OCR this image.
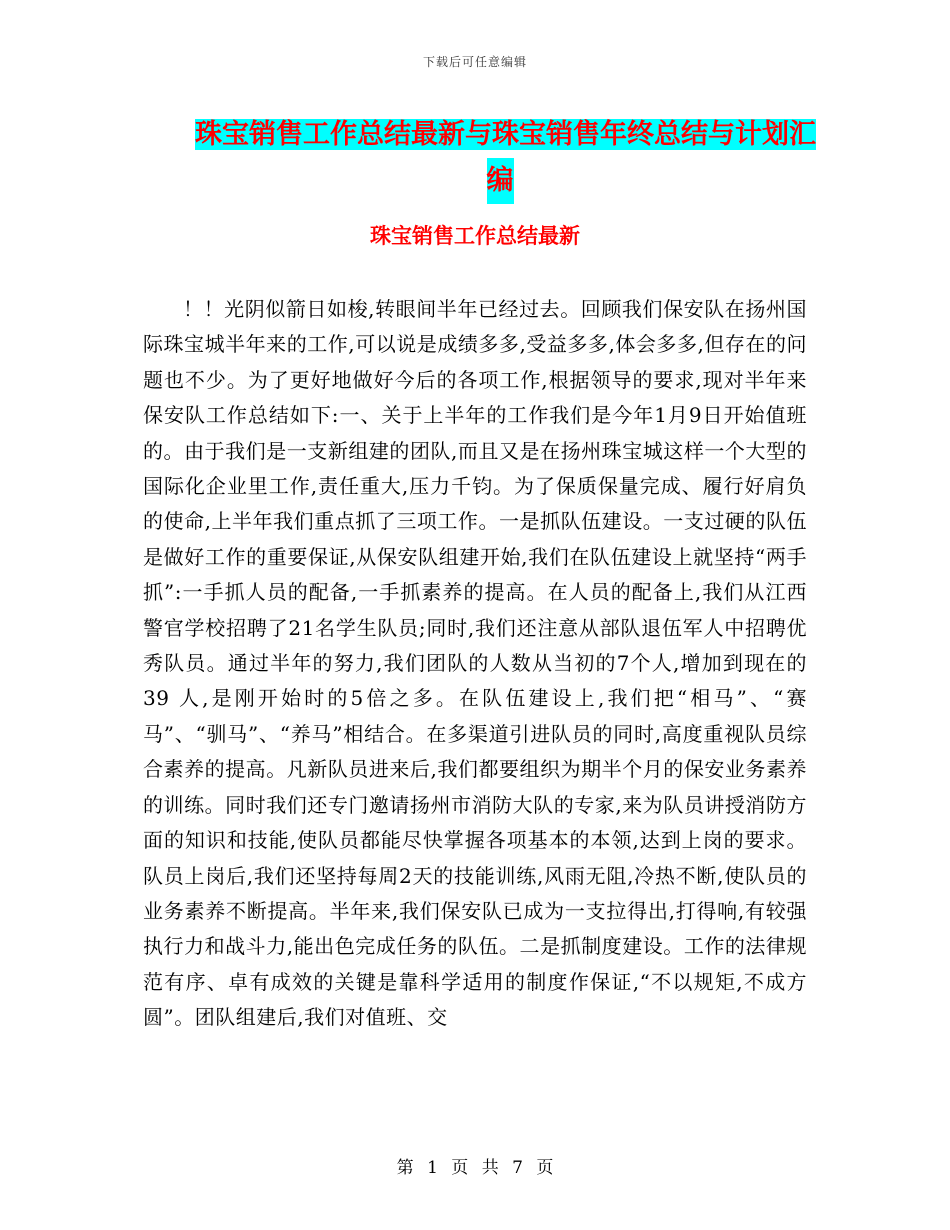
下载后可任意编辑
珠宝销售工作总结最新与珠宝销售年终总结与计划汇
编
珠宝销售工作总结最新

！！光阴似箭日如梭,转眼间半年已经过去。回顾我们保安队在扬州国际珠宝城半年来的工作,可以说是成绩多多,受益多多,体会多多,但存在的问题也不少。为了更好地做好今后的各项工作,根据领导的要求,现对半年来保安队工作总结如下:一、关于上半年的工作我们是今年1月9日开始值班的。由于我们是一支新组建的团队,而且又是在扬州珠宝城这样一个大型的国际化企业里工作,责任重大,压力千钧。为了保质保量完成、履行好肩负的使命,上半年我们重点抓了三项工作。一是抓队伍建设。一支过硬的队伍是做好工作的重要保证,从保安队组建开始,我们在队伍建设上就坚持“两手抓”:一手抓人员的配备,一手抓素养的提高。在人员的配备上,我们从江西警官学校招聘了21名学生队员;同时,我们还注意从部队退伍军人中招聘优秀队员。通过半年的努力,我们团队的人数从当初的7个人,增加到现在的39 人,是刚开始时的5倍之多。在队伍建设上,我们把“相马”、“赛马”、“驯马”、“养马”相结合。在多渠道引进队员的同时,高度重视队员综合素养的提高。凡新队员进来后,我们都要组织为期半个月的保安业务素养的训练。同时我们还专门邀请扬州市消防大队的专家,来为队员讲授消防方面的知识和技能,使队员都能尽快掌握各项基本的本领,达到上岗的要求。队员上岗后,我们还坚持每周2天的技能训练,风雨无阻,冷热不断,使队员的业务素养不断提高。半年来,我们保安队已成为一支拉得出,打得响,有较强执行力和战斗力,能出色完成任务的队伍。二是抓制度建设。工作的法律规范有序、卓有成效的关键是靠科学适用的制度作保证,“不以规矩,不成方圆”。团队组建后,我们对值班、交

第 1 页 共 7 页
